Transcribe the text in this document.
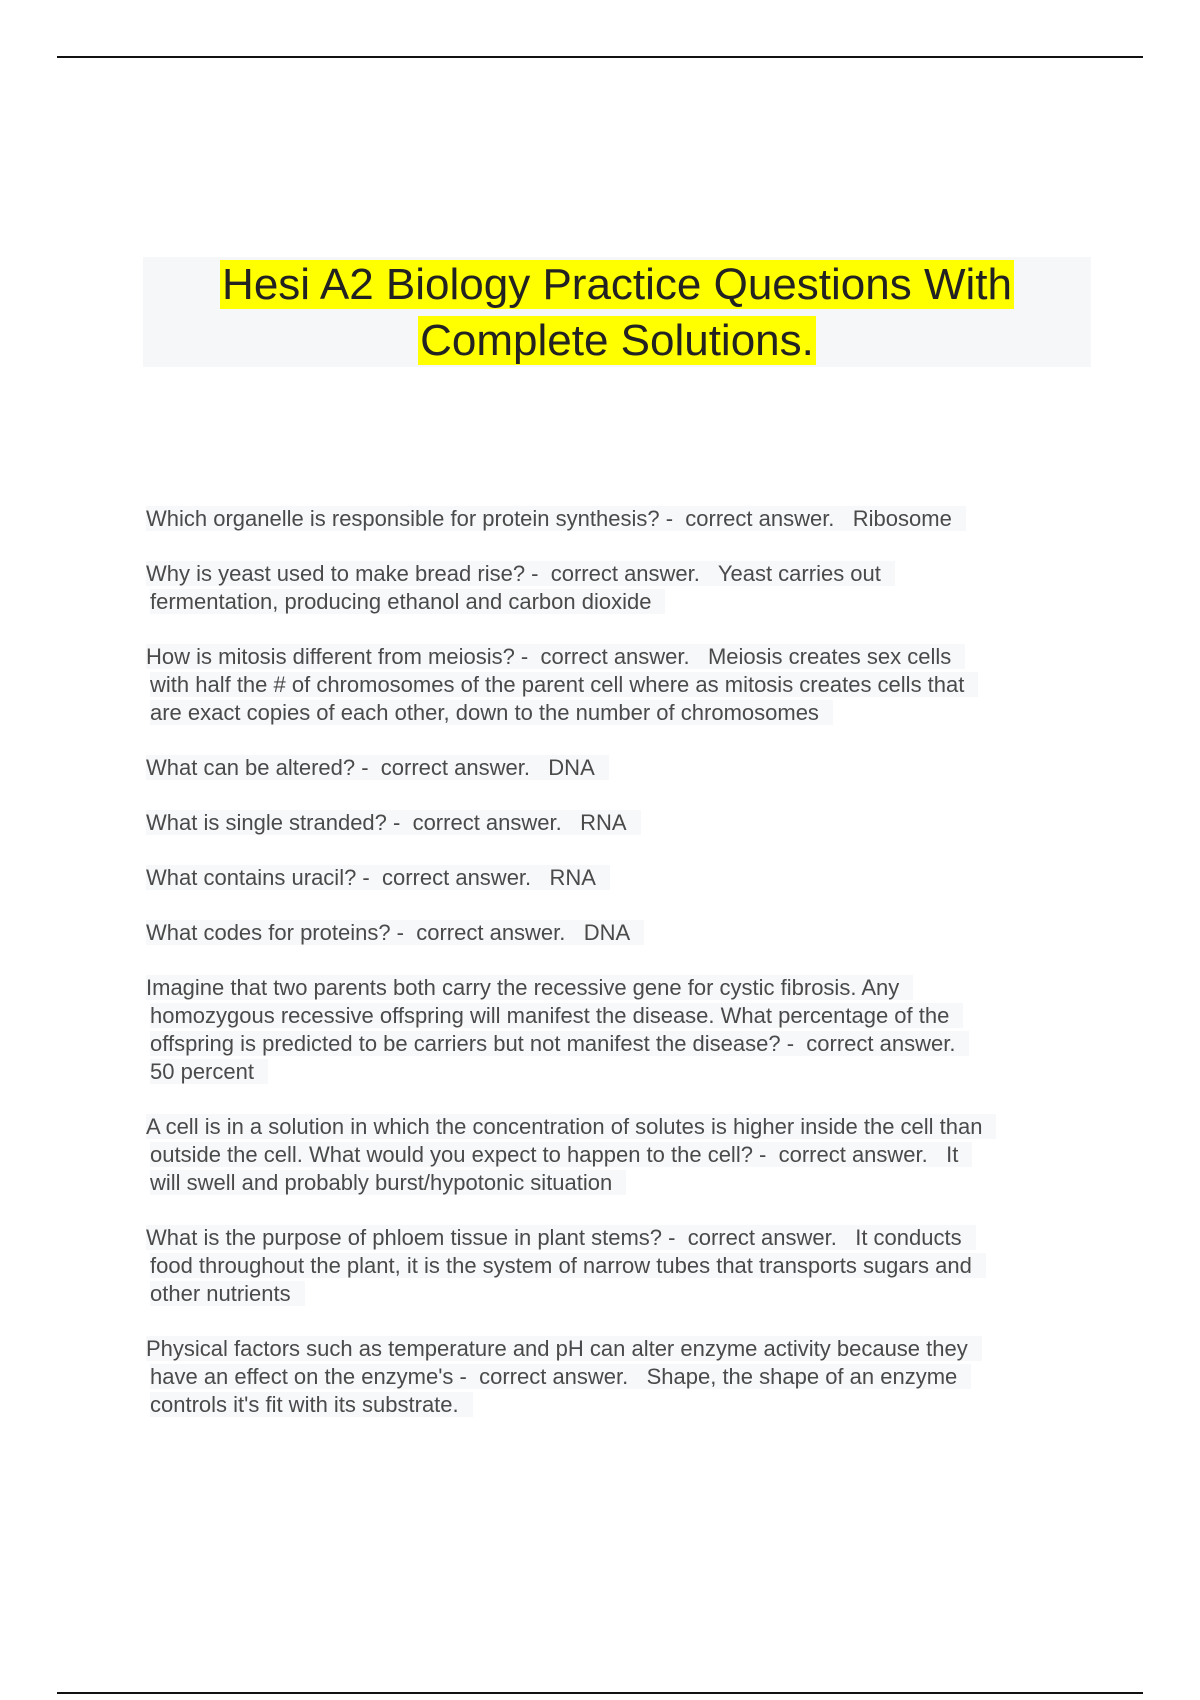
Hesi A2 Biology Practice Questions With
Complete Solutions.
Which organelle is responsible for protein synthesis? -  correct answer.   Ribosome
Why is yeast used to make bread rise? -  correct answer.   Yeast carries out
fermentation, producing ethanol and carbon dioxide
How is mitosis different from meiosis? -  correct answer.   Meiosis creates sex cells
with half the # of chromosomes of the parent cell where as mitosis creates cells that
are exact copies of each other, down to the number of chromosomes
What can be altered? -  correct answer.   DNA
What is single stranded? -  correct answer.   RNA
What contains uracil? -  correct answer.   RNA
What codes for proteins? -  correct answer.   DNA
Imagine that two parents both carry the recessive gene for cystic fibrosis. Any
homozygous recessive offspring will manifest the disease. What percentage of the
offspring is predicted to be carriers but not manifest the disease? -  correct answer.
50 percent
A cell is in a solution in which the concentration of solutes is higher inside the cell than
outside the cell. What would you expect to happen to the cell? -  correct answer.   It
will swell and probably burst/hypotonic situation
What is the purpose of phloem tissue in plant stems? -  correct answer.   It conducts
food throughout the plant, it is the system of narrow tubes that transports sugars and
other nutrients
Physical factors such as temperature and pH can alter enzyme activity because they
have an effect on the enzyme's -  correct answer.   Shape, the shape of an enzyme
controls it's fit with its substrate.
